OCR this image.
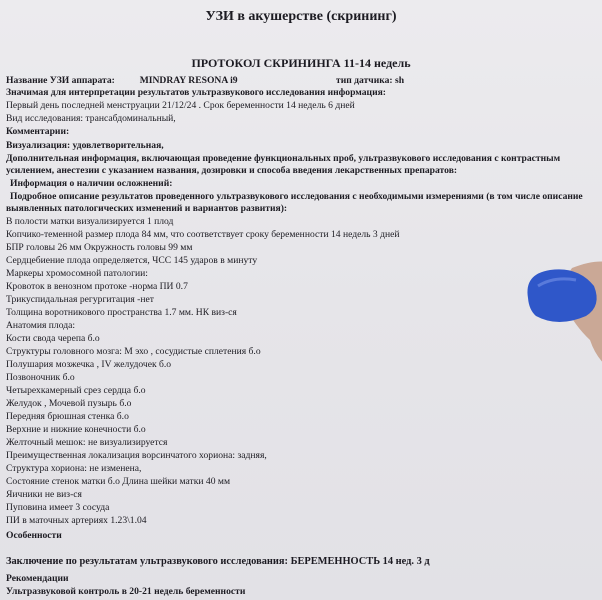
УЗИ в акушерстве (скрининг)
ПРОТОКОЛ СКРИНИНГА 11-14 недель
Название УЗИ аппарата:	MINDRAY RESONA i9	тип датчика: sh
Значимая для интерпретации результатов ультразвукового исследования информация:
Первый день последней менструации 21/12/24 . Срок беременности 14 недель 6 дней
Вид исследования: трансабдоминальный,
Комментарии:
Визуализация: удовлетворительная,
Дополнительная информация, включающая проведение функциональных проб, ультразвукового исследования с контрастным
усилением, анестезии с указанием названия, дозировки и способа введения лекарственных препаратов:
Информация о наличии осложнений:
Подробное описание результатов проведенного ультразвукового исследования с необходимыми измерениями (в том числе описание
выявленных патологических изменений и вариантов развития):
В полости матки визуализируется 1 плод
Копчико-теменной размер плода 84 мм, что соответствует сроку беременности 14 недель 3 дней
БПР головы 26 мм Окружность головы 99 мм
Сердцебиение плода определяется, ЧСС 145 ударов в минуту
Маркеры хромосомной патологии:
Кровоток в венозном протоке -норма ПИ 0.7
Трикуспидальная регургитация -нет
Толщина воротникового пространства 1.7 мм. НК виз-ся
Анатомия плода:
Кости свода черепа б.о
Структуры головного мозга: М эхо , сосудистые сплетения б.о
Полушария мозжечка , IV желудочек б.о
Позвоночник б.о
Четырехкамерный срез сердца б.о
Желудок , Мочевой пузырь б.о
Передняя брюшная стенка б.о
Верхние и нижние конечности б.о
Желточный мешок: не визуализируется
Преимущественная локализация ворсинчатого хориона: задняя,
Структура хориона: не изменена,
Состояние стенок матки б.о Длина шейки матки 40 мм
Яичники не виз-ся
Пуповина имеет 3 сосуда
ПИ в маточных артериях 1.23\1.04
Особенности
Заключение по результатам ультразвукового исследования: БЕРЕМЕННОСТЬ 14 нед. 3 д
Рекомендации
Ультразвуковой контроль в 20-21 недель беременности
